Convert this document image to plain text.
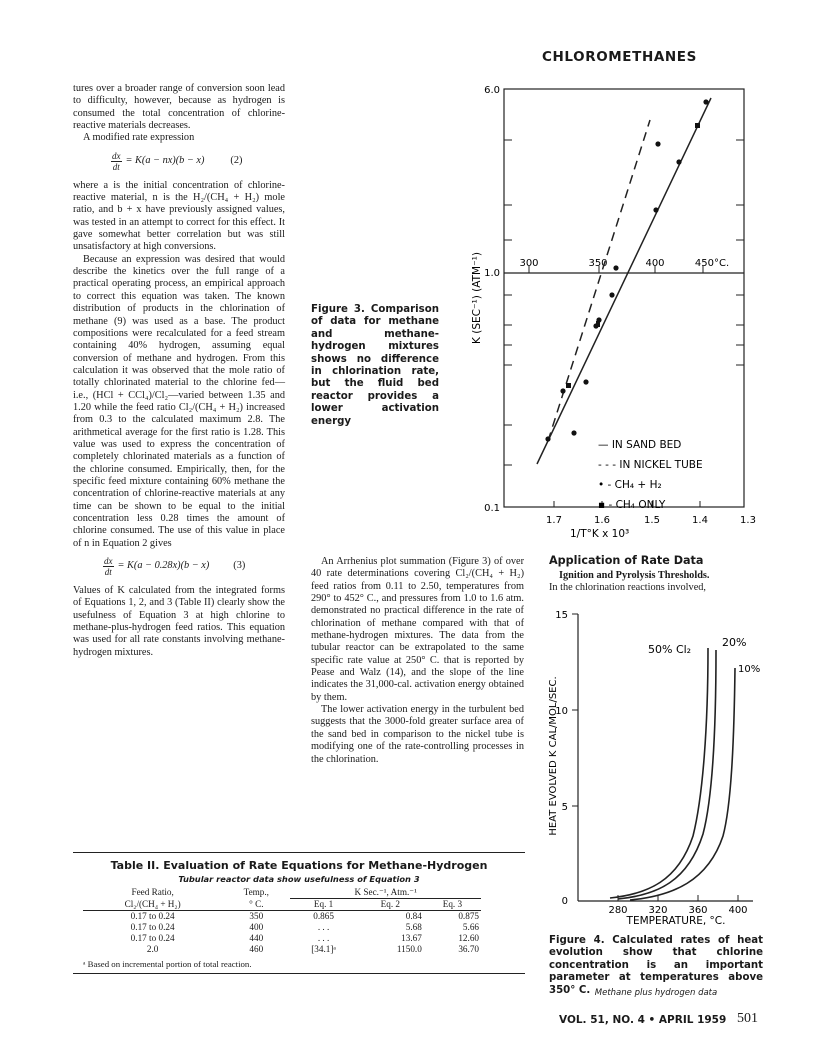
CHLOROMETHANES

tures over a broader range of conversion soon lead to difficulty, however, because as hydrogen is consumed the total concentration of chlorine-reactive materials decreases.

A modified rate expression

$\frac{dx}{dt} = K(a - nx)(b - x)$	(2)

where a is the initial concentration of chlorine-reactive material, n is the H₂/(CH₄ + H₂) mole ratio, and b + x have previously assigned values, was tested in an attempt to correct for this effect. It gave somewhat better correlation but was still unsatisfactory at high conversions.

Because an expression was desired that would describe the kinetics over the full range of a practical operating process, an empirical approach to correct this equation was taken. The known distribution of products in the chlorination of methane (9) was used as a base. The product compositions were recalculated for a feed stream containing 40% hydrogen, assuming equal conversion of methane and hydrogen. From this calculation it was observed that the mole ratio of totally chlorinated material to the chlorine fed—i.e., (HCl + CCl₄)/Cl₂—varied between 1.35 and 1.20 while the feed ratio Cl₂/(CH₄ + H₂) increased from 0.3 to the calculated maximum 2.8. The arithmetical average for the first ratio is 1.28. This value was used to express the concentration of completely chlorinated materials as a function of the chlorine consumed. Empirically, then, for the specific feed mixture containing 60% methane the concentration of chlorine-reactive materials at any time can be shown to be equal to the initial concentration less 0.28 times the amount of chlorine consumed. The use of this value in place of n in Equation 2 gives

$\frac{dx}{dt} = K(a - 0.28x)(b - x)$ (3)

Values of K calculated from the integrated forms of Equations 1, 2, and 3 (Table II) clearly show the usefulness of Equation 3 at high chlorine to methane-plus-hydrogen feed ratios. This equation was used for all rate constants involving methane-hydrogen mixtures.

Figure 3. Comparison of data for methane and methane-hydrogen mixtures shows no difference in chlorination rate, but the fluid bed reactor provides a lower activation energy
300	350	400	450°C.
6.0
1.0
0.1
1.7	1.6	1.5	1.4	1.3
1/T°K x 10³
K (SEC⁻¹) (ATM⁻¹)
— IN SAND BED
- - - IN NICKEL TUBE
• - CH₄ + H₂
▪ - CH₄ ONLY

An Arrhenius plot summation (Figure 3) of over 40 rate determinations covering Cl₂/(CH₄ + H₂) feed ratios from 0.11 to 2.50, temperatures from 290° to 452° C., and pressures from 1.0 to 1.6 atm. demonstrated no practical difference in the rate of chlorination of methane compared with that of methane-hydrogen mixtures. The data from the tubular reactor can be extrapolated to the same specific rate value at 250° C. that is reported by Pease and Walz (14), and the slope of the line indicates the 31,000-cal. activation energy obtained by them.

The lower activation energy in the turbulent bed suggests that the 3000-fold greater surface area of the sand bed in comparison to the nickel tube is modifying one of the rate-controlling processes in the chlorination.

Application of Rate Data

Ignition and Pyrolysis Thresholds.

In the chlorination reactions involved,

15
10
5
0
280 320 360 400
TEMPERATURE, °C.
HEAT EVOLVED K CAL/MOL/SEC.
50% Cl₂
20%
10%
Figure 4. Calculated rates of heat evolution show that chlorine concentration is an important parameter at temperatures above 350° C. Methane plus hydrogen data
Table II. Evaluation of Rate Equations for Methane-Hydrogen
Tubular reactor data show usefulness of Equation 3
Feed Ratio,	Temp.,	K Sec.⁻¹, Atm.⁻¹		
Cl₂/(CH₄ + H₂)	° C.	Eq. 1	Eq. 2	Eq. 3
0.17 to 0.24	350	0.865	0.84	0.875
0.17 to 0.24	400	. . .	5.68	5.66
0.17 to 0.24	440	. . .	13.67	12.60
2.0	460	[34.1]ᵃ	1150.0	36.70
ᵃ Based on incremental portion of total reaction.
VOL. 51, NO. 4 • APRIL 1959 501
